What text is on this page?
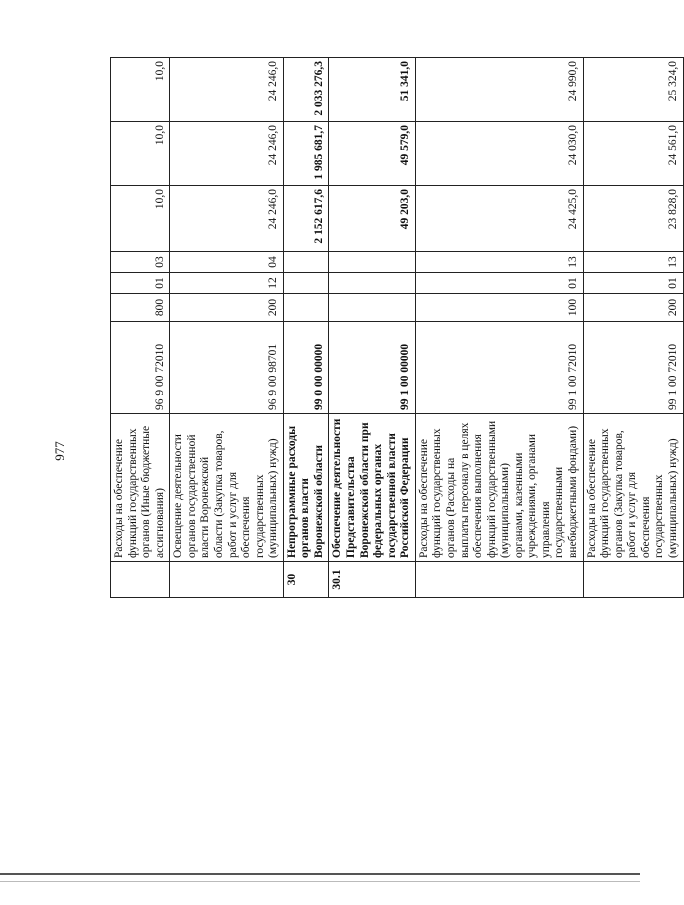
977
		Расходы на обеспечение функций государственных органов (Иные бюджетные ассигнования)	96 9 00 72010	800	01	03	10,0	10,0	10,0
	Освещение деятельности органов государственной власти Воронежской области (Закупка товаров, работ и услуг для обеспечения государственных (муниципальных) нужд)	96 9 00 98701	200	12	04	24 246,0	24 246,0	24 246,0
30	Непрограммные расходы органов власти Воронежской области	99 0 00 00000				2 152 617,6	1 985 681,7	2 033 276,3
30.1	Обеспечение деятельности Представительства Воронежской области при федеральных органах государственной власти Российской Федерации	99 1 00 00000				49 203,0	49 579,0	51 341,0
	Расходы на обеспечение функций государственных органов (Расходы на выплаты персоналу в целях обеспечения выполнения функций государственными (муниципальными) органами, казенными учреждениями, органами управления государственными внебюджетными фондами)	99 1 00 72010	100	01	13	24 425,0	24 030,0	24 990,0
	Расходы на обеспечение функций государственных органов (Закупка товаров, работ и услуг для обеспечения государственных (муниципальных) нужд)	99 1 00 72010	200	01	13	23 828,0	24 561,0	25 324,0
